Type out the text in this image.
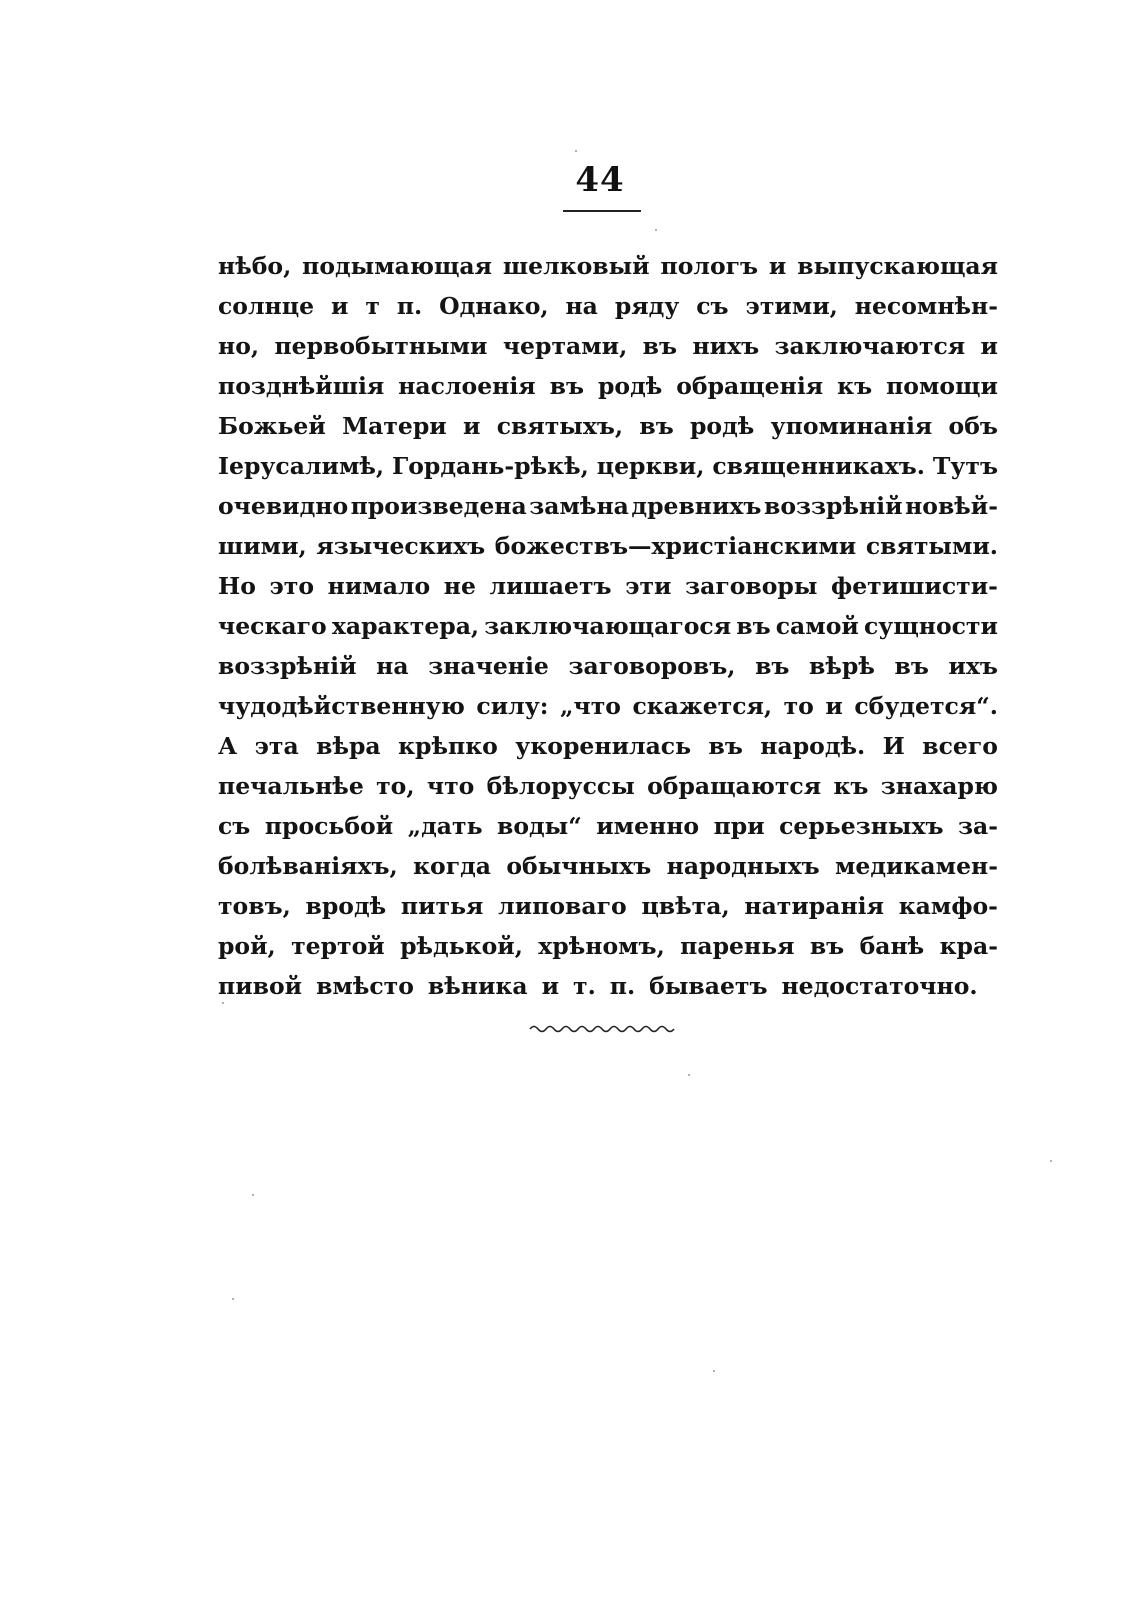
44
нѣбо, подымающая шелковый пологъ и выпускающая
солнце и т п. Однако, на ряду съ этими, несомнѣн-
но, первобытными чертами, въ нихъ заключаются и
позднѣйшія наслоенія въ родѣ обращенія къ помощи
Божьей Матери и святыхъ, въ родѣ упоминанія объ
Іерусалимѣ, Гордань-рѣкѣ, церкви, священникахъ. Тутъ
очевидно произведена замѣна древнихъ воззрѣній новѣй-
шими, языческихъ божествъ—христіанскими святыми.
Но это нимало не лишаетъ эти заговоры фетишисти-
ческаго характера, заключающагося въ самой сущности
воззрѣній на значеніе заговоровъ, въ вѣрѣ въ ихъ
чудодѣйственную силу: „что скажется, то и сбудется“.
А эта вѣра крѣпко укоренилась въ народѣ. И всего
печальнѣе то, что бѣлоруссы обращаются къ знахарю
съ просьбой „дать воды“ именно при серьезныхъ за-
болѣваніяхъ, когда обычныхъ народныхъ медикамен-
товъ, вродѣ питья липоваго цвѣта, натиранія камфо-
рой, тертой рѣдькой, хрѣномъ, паренья въ банѣ кра-
пивой вмѣсто вѣника и т. п. бываетъ недостаточно.
